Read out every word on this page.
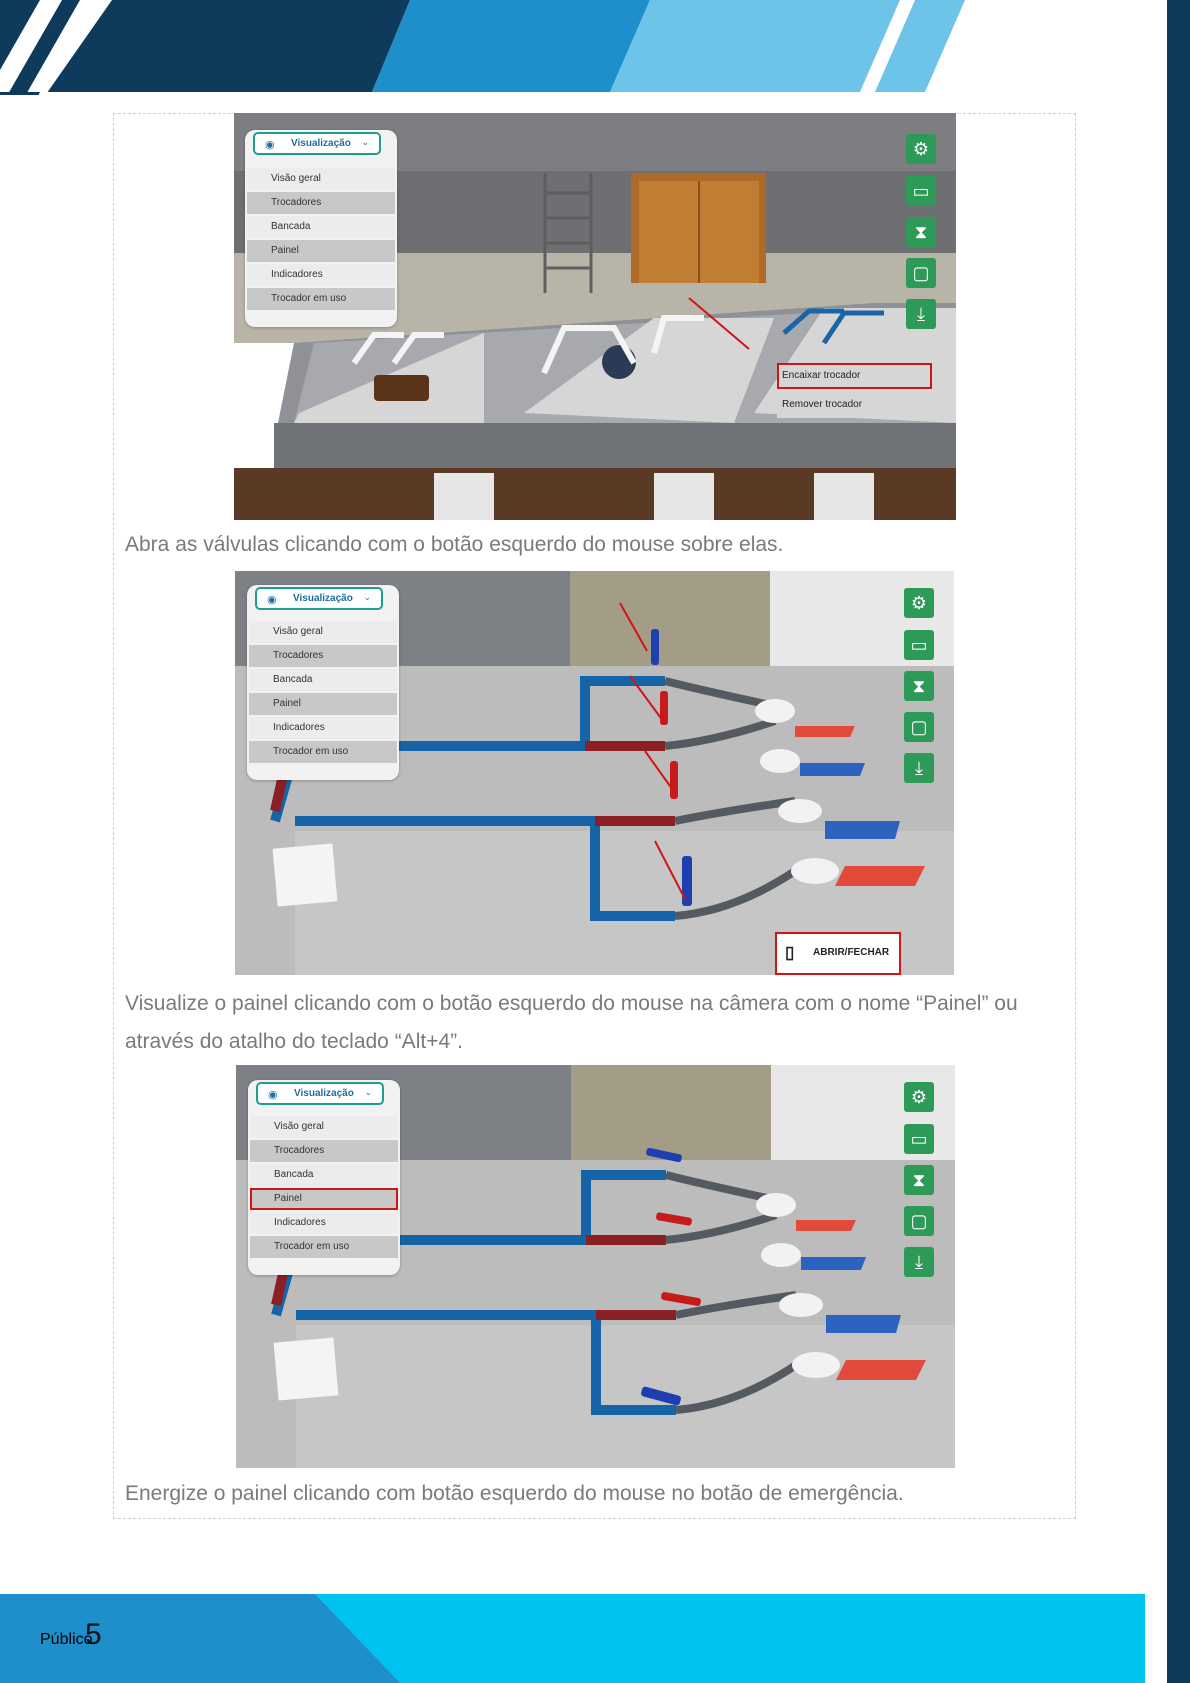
◉ Visualização ⌄
Visão geral
Trocadores
Bancada
Painel
Indicadores
Trocador em uso
⚙
▭
⧗
▢
⤓
Encaixar trocador
Remover trocador
Abra as válvulas clicando com o botão esquerdo do mouse sobre elas.
◉ Visualização ⌄
Visão geral
Trocadores
Bancada
Painel
Indicadores
Trocador em uso
⚙
▭
⧗
▢
⤓
▯ ABRIR/FECHAR
Visualize o painel clicando com o botão esquerdo do mouse na câmera com o nome “Painel” ou através do atalho do teclado “Alt+4”.
◉ Visualização ⌄
Visão geral
Trocadores
Bancada
Painel
Indicadores
Trocador em uso
⚙
▭
⧗
▢
⤓
Energize o painel clicando com botão esquerdo do mouse no botão de emergência.
Público
5
